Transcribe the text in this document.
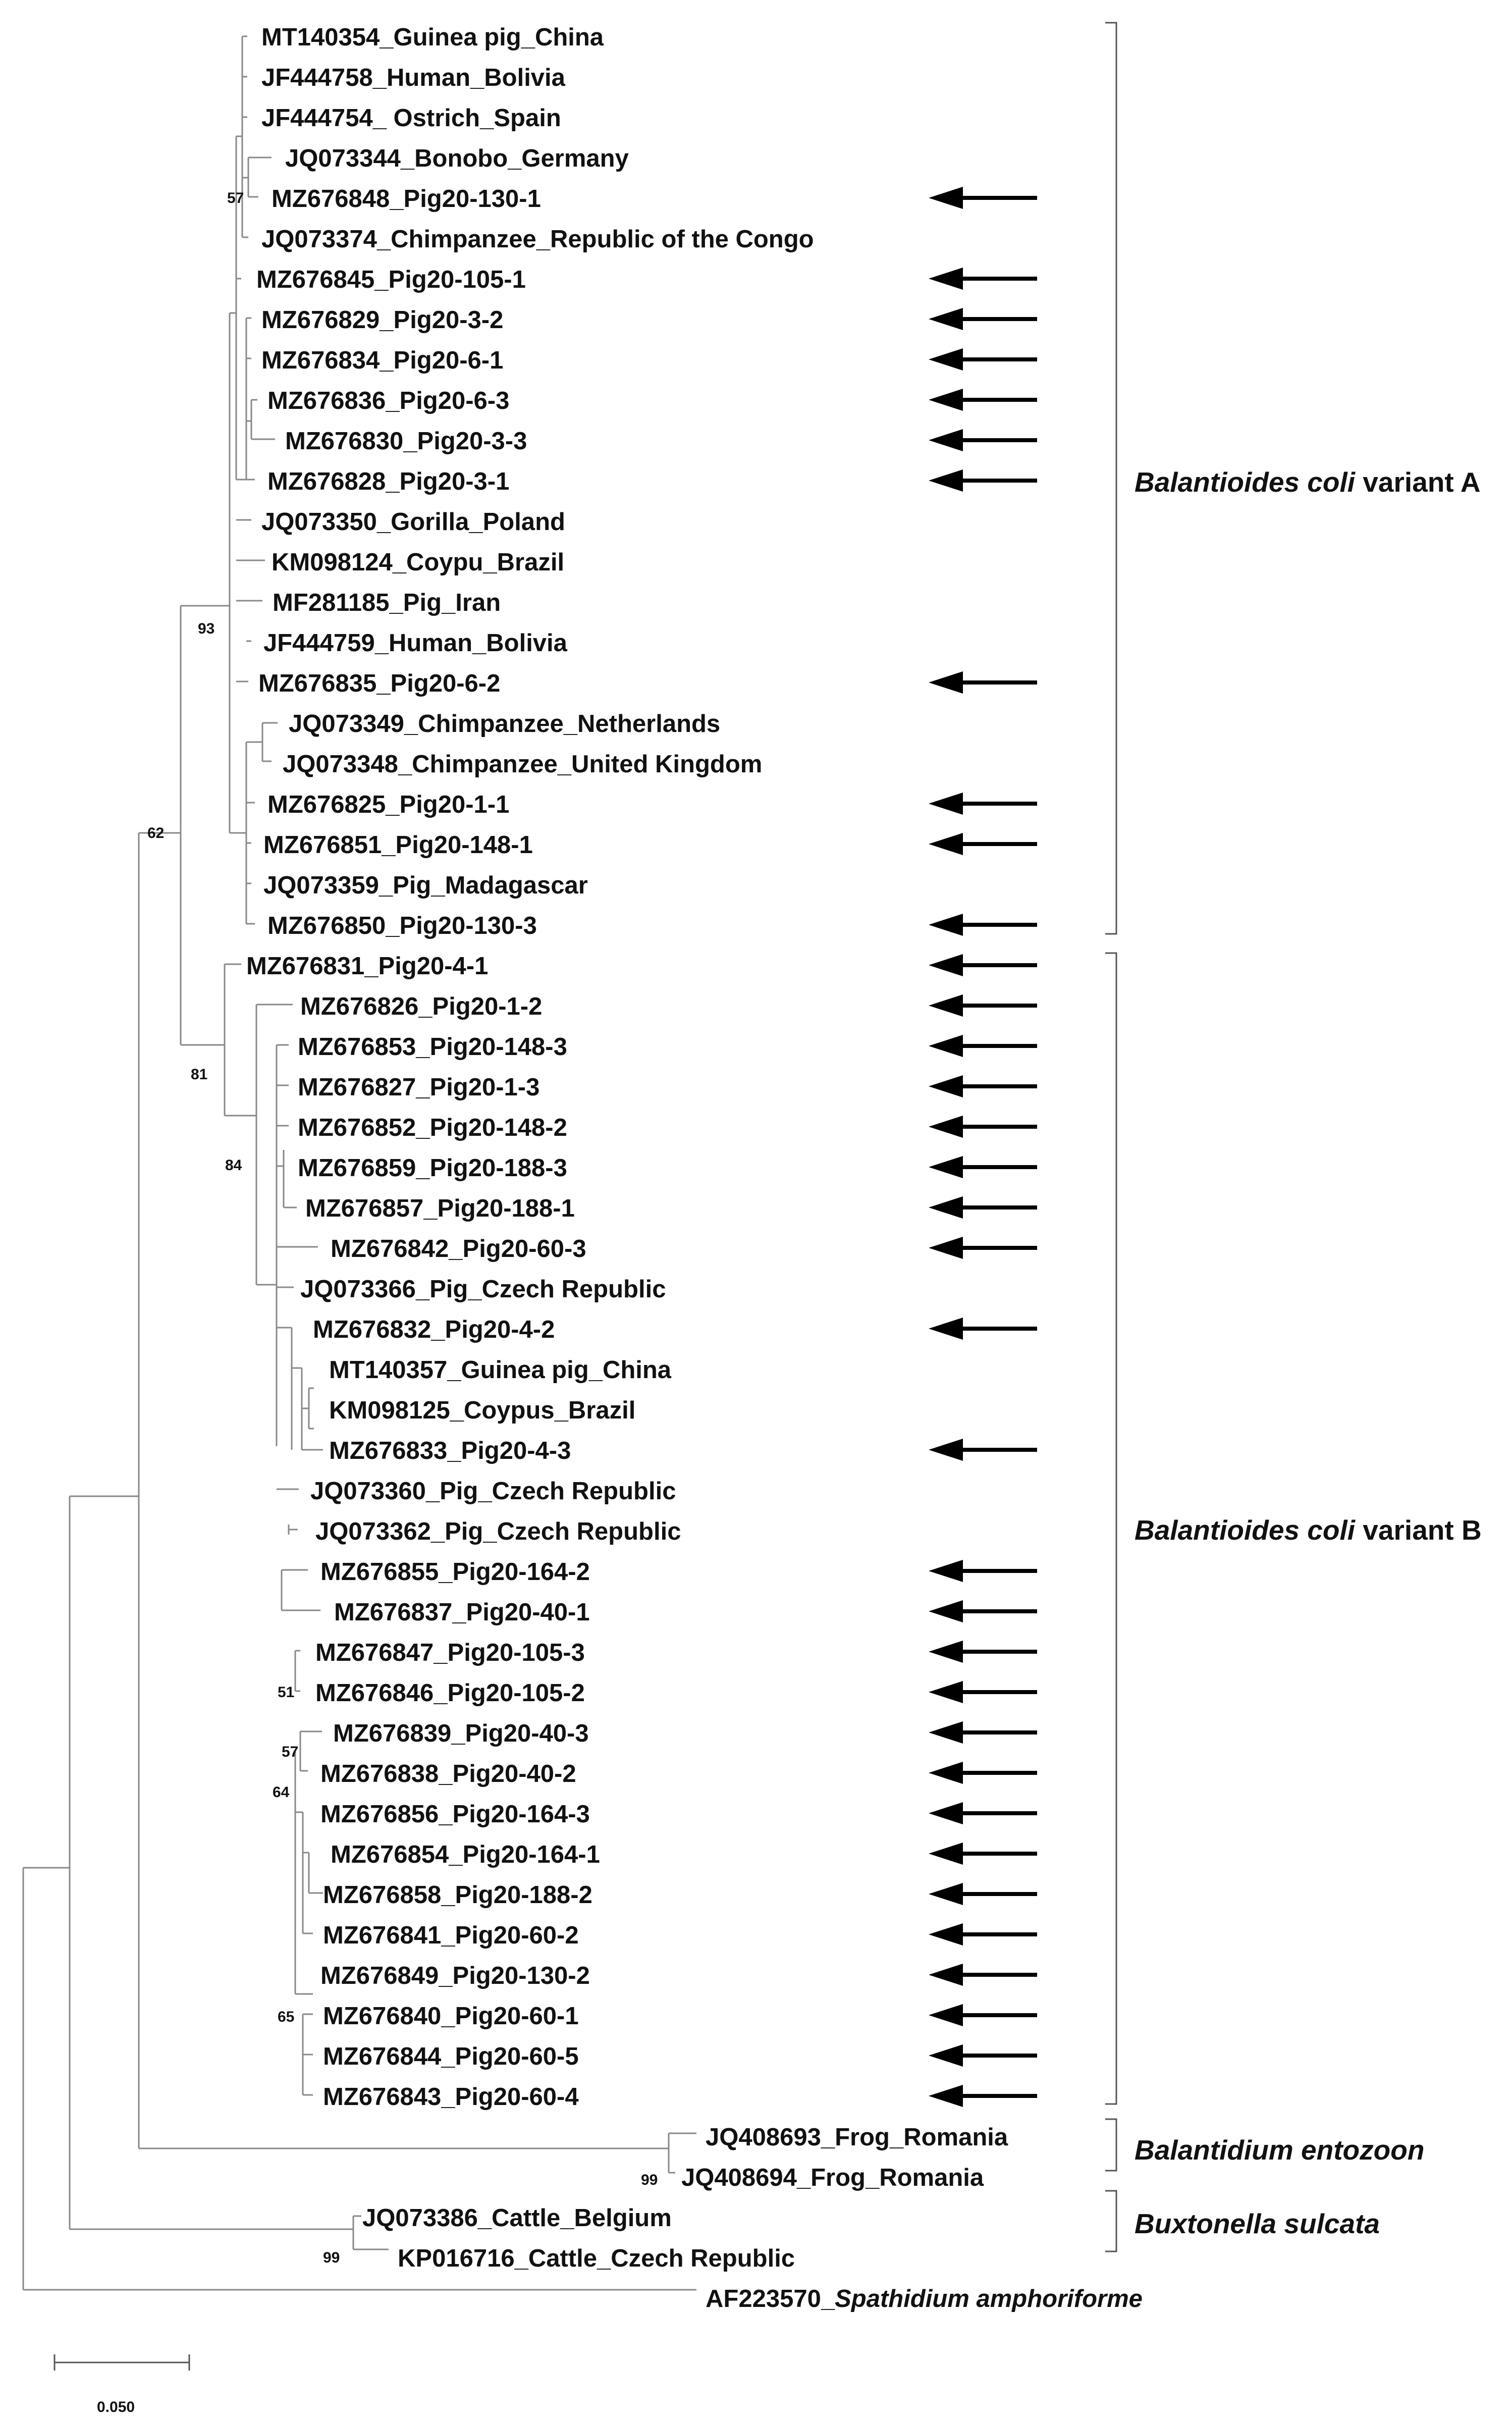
MT140354_Guinea pig_China
JF444758_Human_Bolivia
JF444754_ Ostrich_Spain
JQ073344_Bonobo_Germany
MZ676848_Pig20-130-1
JQ073374_Chimpanzee_Republic of the Congo
MZ676845_Pig20-105-1
MZ676829_Pig20-3-2
MZ676834_Pig20-6-1
MZ676836_Pig20-6-3
MZ676830_Pig20-3-3
MZ676828_Pig20-3-1
JQ073350_Gorilla_Poland
KM098124_Coypu_Brazil
MF281185_Pig_Iran
JF444759_Human_Bolivia
MZ676835_Pig20-6-2
JQ073349_Chimpanzee_Netherlands
JQ073348_Chimpanzee_United Kingdom
MZ676825_Pig20-1-1
MZ676851_Pig20-148-1
JQ073359_Pig_Madagascar
MZ676850_Pig20-130-3
MZ676831_Pig20-4-1
MZ676826_Pig20-1-2
MZ676853_Pig20-148-3
MZ676827_Pig20-1-3
MZ676852_Pig20-148-2
MZ676859_Pig20-188-3
MZ676857_Pig20-188-1
MZ676842_Pig20-60-3
JQ073366_Pig_Czech Republic
MZ676832_Pig20-4-2
MT140357_Guinea pig_China
KM098125_Coypus_Brazil
MZ676833_Pig20-4-3
JQ073360_Pig_Czech Republic
JQ073362_Pig_Czech Republic
MZ676855_Pig20-164-2
MZ676837_Pig20-40-1
MZ676847_Pig20-105-3
MZ676846_Pig20-105-2
MZ676839_Pig20-40-3
MZ676838_Pig20-40-2
MZ676856_Pig20-164-3
MZ676854_Pig20-164-1
MZ676858_Pig20-188-2
MZ676841_Pig20-60-2
MZ676849_Pig20-130-2
MZ676840_Pig20-60-1
MZ676844_Pig20-60-5
MZ676843_Pig20-60-4
JQ408693_Frog_Romania
JQ408694_Frog_Romania
JQ073386_Cattle_Belgium
KP016716_Cattle_Czech Republic
AF223570_Spathidium amphoriforme
57
93
62
81
84
51
57
64
65
99
99
Balantioides coli variant A
Balantioides coli variant B
Balantidium entozoon
Buxtonella sulcata
0.050
